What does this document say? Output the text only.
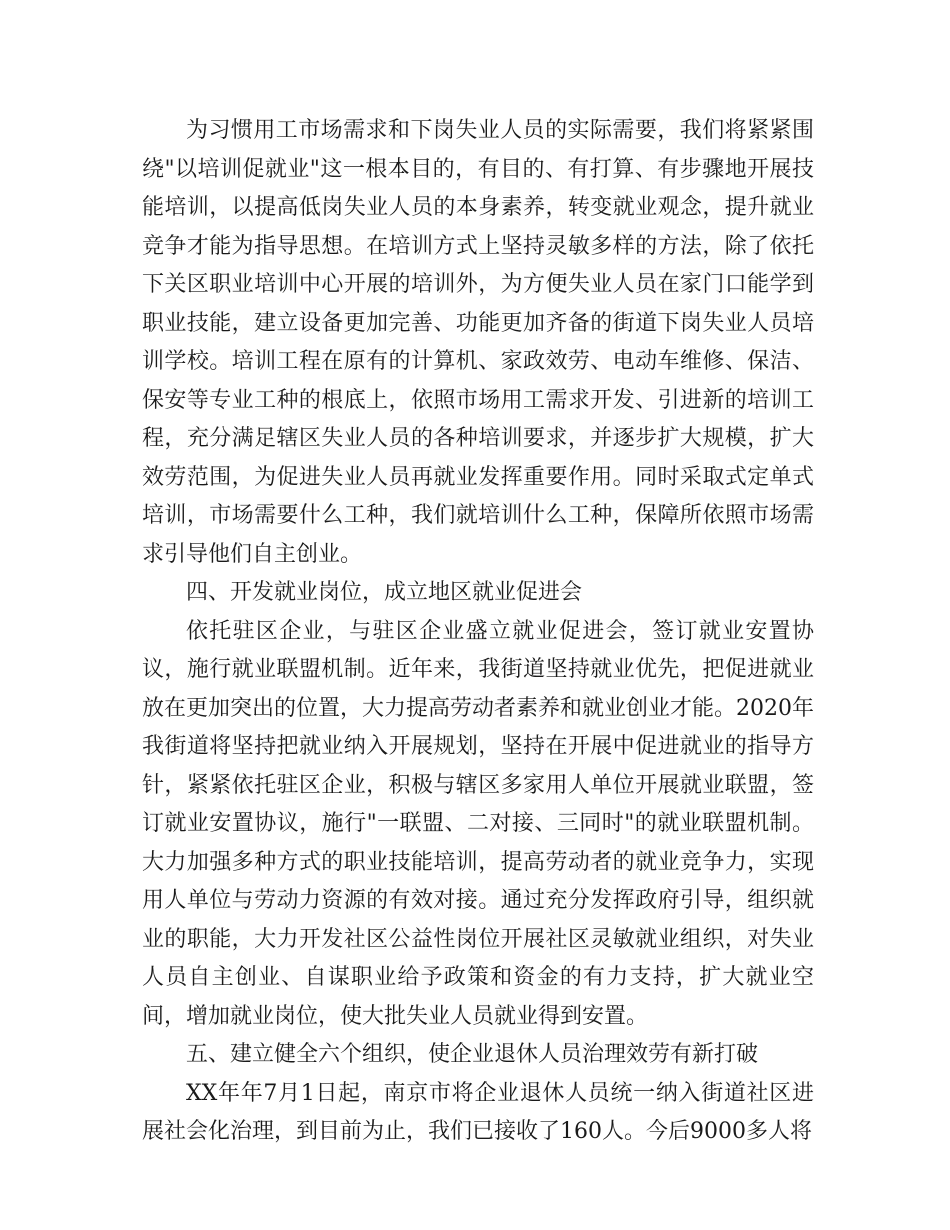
为习惯用工市场需求和下岗失业人员的实际需要，我们将紧紧围绕"以培训促就业"这一根本目的，有目的、有打算、有步骤地开展技能培训，以提高低岗失业人员的本身素养，转变就业观念，提升就业竞争才能为指导思想。在培训方式上坚持灵敏多样的方法，除了依托下关区职业培训中心开展的培训外，为方便失业人员在家门口能学到职业技能，建立设备更加完善、功能更加齐备的街道下岗失业人员培训学校。培训工程在原有的计算机、家政效劳、电动车维修、保洁、保安等专业工种的根底上，依照市场用工需求开发、引进新的培训工程，充分满足辖区失业人员的各种培训要求，并逐步扩大规模，扩大效劳范围，为促进失业人员再就业发挥重要作用。同时采取式定单式培训，市场需要什么工种，我们就培训什么工种，保障所依照市场需求引导他们自主创业。

四、开发就业岗位，成立地区就业促进会

依托驻区企业，与驻区企业盛立就业促进会，签订就业安置协议，施行就业联盟机制。近年来，我街道坚持就业优先，把促进就业放在更加突出的位置，大力提高劳动者素养和就业创业才能。2020年我街道将坚持把就业纳入开展规划，坚持在开展中促进就业的指导方针，紧紧依托驻区企业，积极与辖区多家用人单位开展就业联盟，签订就业安置协议，施行"一联盟、二对接、三同时"的就业联盟机制。大力加强多种方式的职业技能培训，提高劳动者的就业竞争力，实现用人单位与劳动力资源的有效对接。通过充分发挥政府引导，组织就业的职能，大力开发社区公益性岗位开展社区灵敏就业组织，对失业人员自主创业、自谋职业给予政策和资金的有力支持，扩大就业空间，增加就业岗位，使大批失业人员就业得到安置。

五、建立健全六个组织，使企业退休人员治理效劳有新打破

XX年年7月1日起，南京市将企业退休人员统一纳入街道社区进展社会化治理，到目前为止，我们已接收了160人。今后9000多人将
